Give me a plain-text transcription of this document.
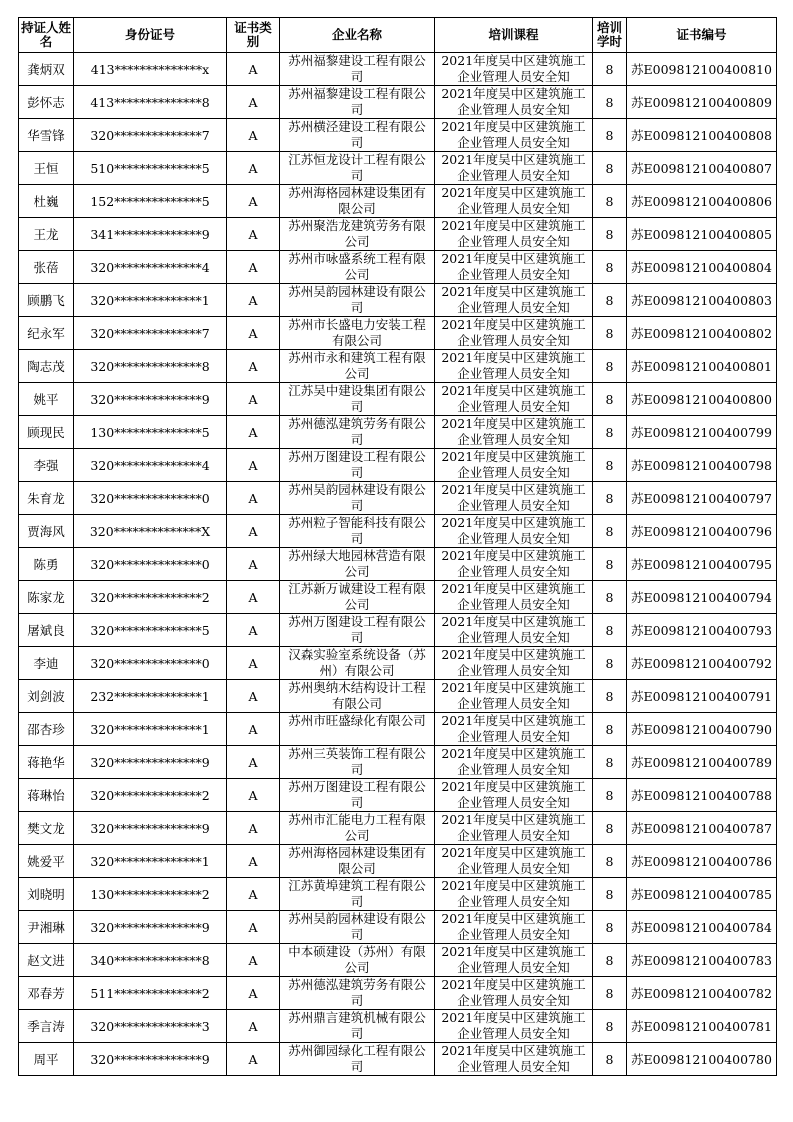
持证人姓名	身份证号	证书类别	企业名称	培训课程	培训学时	证书编号
龚炳双	413**************x	A	苏州福黎建设工程有限公司	2021年度吴中区建筑施工企业管理人员安全知	8	苏E009812100400810
彭怀志	413**************8	A	苏州福黎建设工程有限公司	2021年度吴中区建筑施工企业管理人员安全知	8	苏E009812100400809
华雪锋	320**************7	A	苏州横泾建设工程有限公司	2021年度吴中区建筑施工企业管理人员安全知	8	苏E009812100400808
王恒	510**************5	A	江苏恒龙设计工程有限公司	2021年度吴中区建筑施工企业管理人员安全知	8	苏E009812100400807
杜巍	152**************5	A	苏州海格园林建设集团有限公司	2021年度吴中区建筑施工企业管理人员安全知	8	苏E009812100400806
王龙	341**************9	A	苏州聚浩龙建筑劳务有限公司	2021年度吴中区建筑施工企业管理人员安全知	8	苏E009812100400805
张蓓	320**************4	A	苏州市咏盛系统工程有限公司	2021年度吴中区建筑施工企业管理人员安全知	8	苏E009812100400804
顾鹏飞	320**************1	A	苏州吴韵园林建设有限公司	2021年度吴中区建筑施工企业管理人员安全知	8	苏E009812100400803
纪永军	320**************7	A	苏州市长盛电力安装工程有限公司	2021年度吴中区建筑施工企业管理人员安全知	8	苏E009812100400802
陶志茂	320**************8	A	苏州市永和建筑工程有限公司	2021年度吴中区建筑施工企业管理人员安全知	8	苏E009812100400801
姚平	320**************9	A	江苏吴中建设集团有限公司	2021年度吴中区建筑施工企业管理人员安全知	8	苏E009812100400800
顾现民	130**************5	A	苏州德泓建筑劳务有限公司	2021年度吴中区建筑施工企业管理人员安全知	8	苏E009812100400799
李强	320**************4	A	苏州万图建设工程有限公司	2021年度吴中区建筑施工企业管理人员安全知	8	苏E009812100400798
朱育龙	320**************0	A	苏州吴韵园林建设有限公司	2021年度吴中区建筑施工企业管理人员安全知	8	苏E009812100400797
贾海风	320**************X	A	苏州粒子智能科技有限公司	2021年度吴中区建筑施工企业管理人员安全知	8	苏E009812100400796
陈勇	320**************0	A	苏州绿大地园林营造有限公司	2021年度吴中区建筑施工企业管理人员安全知	8	苏E009812100400795
陈家龙	320**************2	A	江苏新万诚建设工程有限公司	2021年度吴中区建筑施工企业管理人员安全知	8	苏E009812100400794
屠斌良	320**************5	A	苏州万图建设工程有限公司	2021年度吴中区建筑施工企业管理人员安全知	8	苏E009812100400793
李迪	320**************0	A	汉森实验室系统设备（苏州）有限公司	2021年度吴中区建筑施工企业管理人员安全知	8	苏E009812100400792
刘剑波	232**************1	A	苏州奥纳木结构设计工程有限公司	2021年度吴中区建筑施工企业管理人员安全知	8	苏E009812100400791
邵杏珍	320**************1	A	苏州市旺盛绿化有限公司	2021年度吴中区建筑施工企业管理人员安全知	8	苏E009812100400790
蒋艳华	320**************9	A	苏州三英装饰工程有限公司	2021年度吴中区建筑施工企业管理人员安全知	8	苏E009812100400789
蒋琳怡	320**************2	A	苏州万图建设工程有限公司	2021年度吴中区建筑施工企业管理人员安全知	8	苏E009812100400788
樊文龙	320**************9	A	苏州市汇能电力工程有限公司	2021年度吴中区建筑施工企业管理人员安全知	8	苏E009812100400787
姚爱平	320**************1	A	苏州海格园林建设集团有限公司	2021年度吴中区建筑施工企业管理人员安全知	8	苏E009812100400786
刘晓明	130**************2	A	江苏黄埠建筑工程有限公司	2021年度吴中区建筑施工企业管理人员安全知	8	苏E009812100400785
尹湘琳	320**************9	A	苏州吴韵园林建设有限公司	2021年度吴中区建筑施工企业管理人员安全知	8	苏E009812100400784
赵文进	340**************8	A	中本硕建设（苏州）有限公司	2021年度吴中区建筑施工企业管理人员安全知	8	苏E009812100400783
邓春芳	511**************2	A	苏州德泓建筑劳务有限公司	2021年度吴中区建筑施工企业管理人员安全知	8	苏E009812100400782
季言涛	320**************3	A	苏州鼎言建筑机械有限公司	2021年度吴中区建筑施工企业管理人员安全知	8	苏E009812100400781
周平	320**************9	A	苏州御园绿化工程有限公司	2021年度吴中区建筑施工企业管理人员安全知	8	苏E009812100400780
